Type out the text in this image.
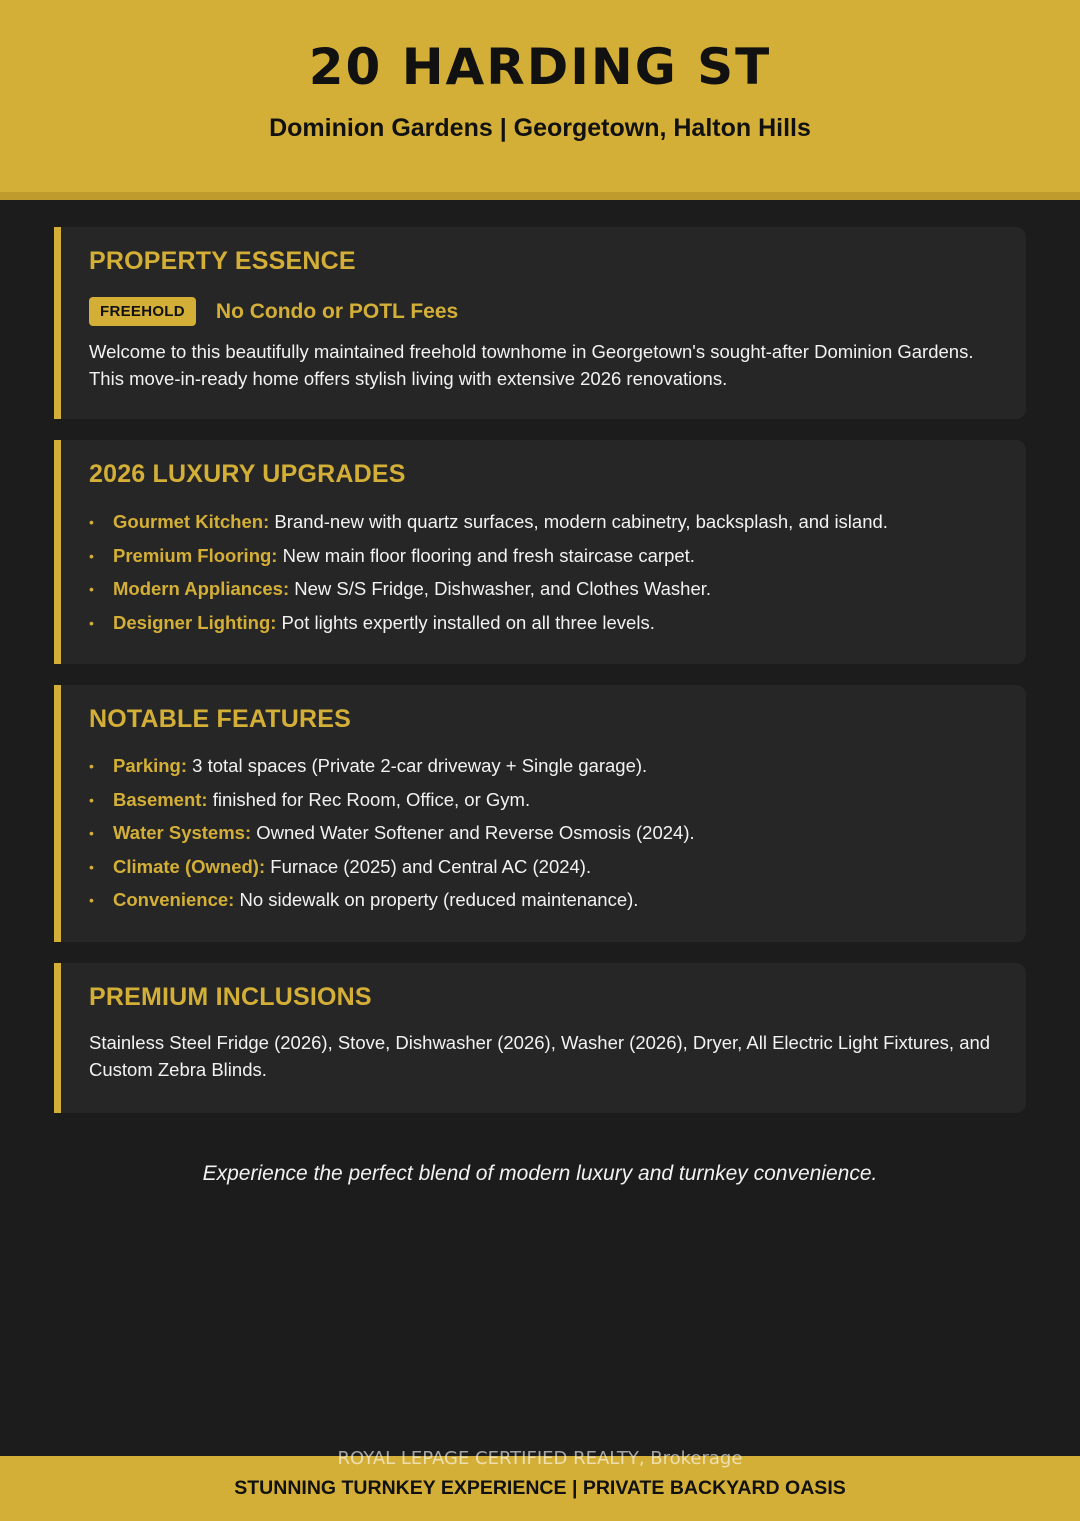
20 HARDING ST
Dominion Gardens | Georgetown, Halton Hills
PROPERTY ESSENCE
FREEHOLD	No Condo or POTL Fees
Welcome to this beautifully maintained freehold townhome in Georgetown's sought-after Dominion Gardens. This move-in-ready home offers stylish living with extensive 2026 renovations.
2026 LUXURY UPGRADES
• Gourmet Kitchen: Brand-new with quartz surfaces, modern cabinetry, backsplash, and island.
• Premium Flooring: New main floor flooring and fresh staircase carpet.
• Modern Appliances: New S/S Fridge, Dishwasher, and Clothes Washer.
• Designer Lighting: Pot lights expertly installed on all three levels.
NOTABLE FEATURES
• Parking: 3 total spaces (Private 2-car driveway + Single garage).
• Basement: finished for Rec Room, Office, or Gym.
• Water Systems: Owned Water Softener and Reverse Osmosis (2024).
• Climate (Owned): Furnace (2025) and Central AC (2024).
• Convenience: No sidewalk on property (reduced maintenance).
PREMIUM INCLUSIONS
Stainless Steel Fridge (2026), Stove, Dishwasher (2026), Washer (2026), Dryer, All Electric Light Fixtures, and Custom Zebra Blinds.
Experience the perfect blend of modern luxury and turnkey convenience.
ROYAL LEPAGE CERTIFIED REALTY, Brokerage
STUNNING TURNKEY EXPERIENCE | PRIVATE BACKYARD OASIS
